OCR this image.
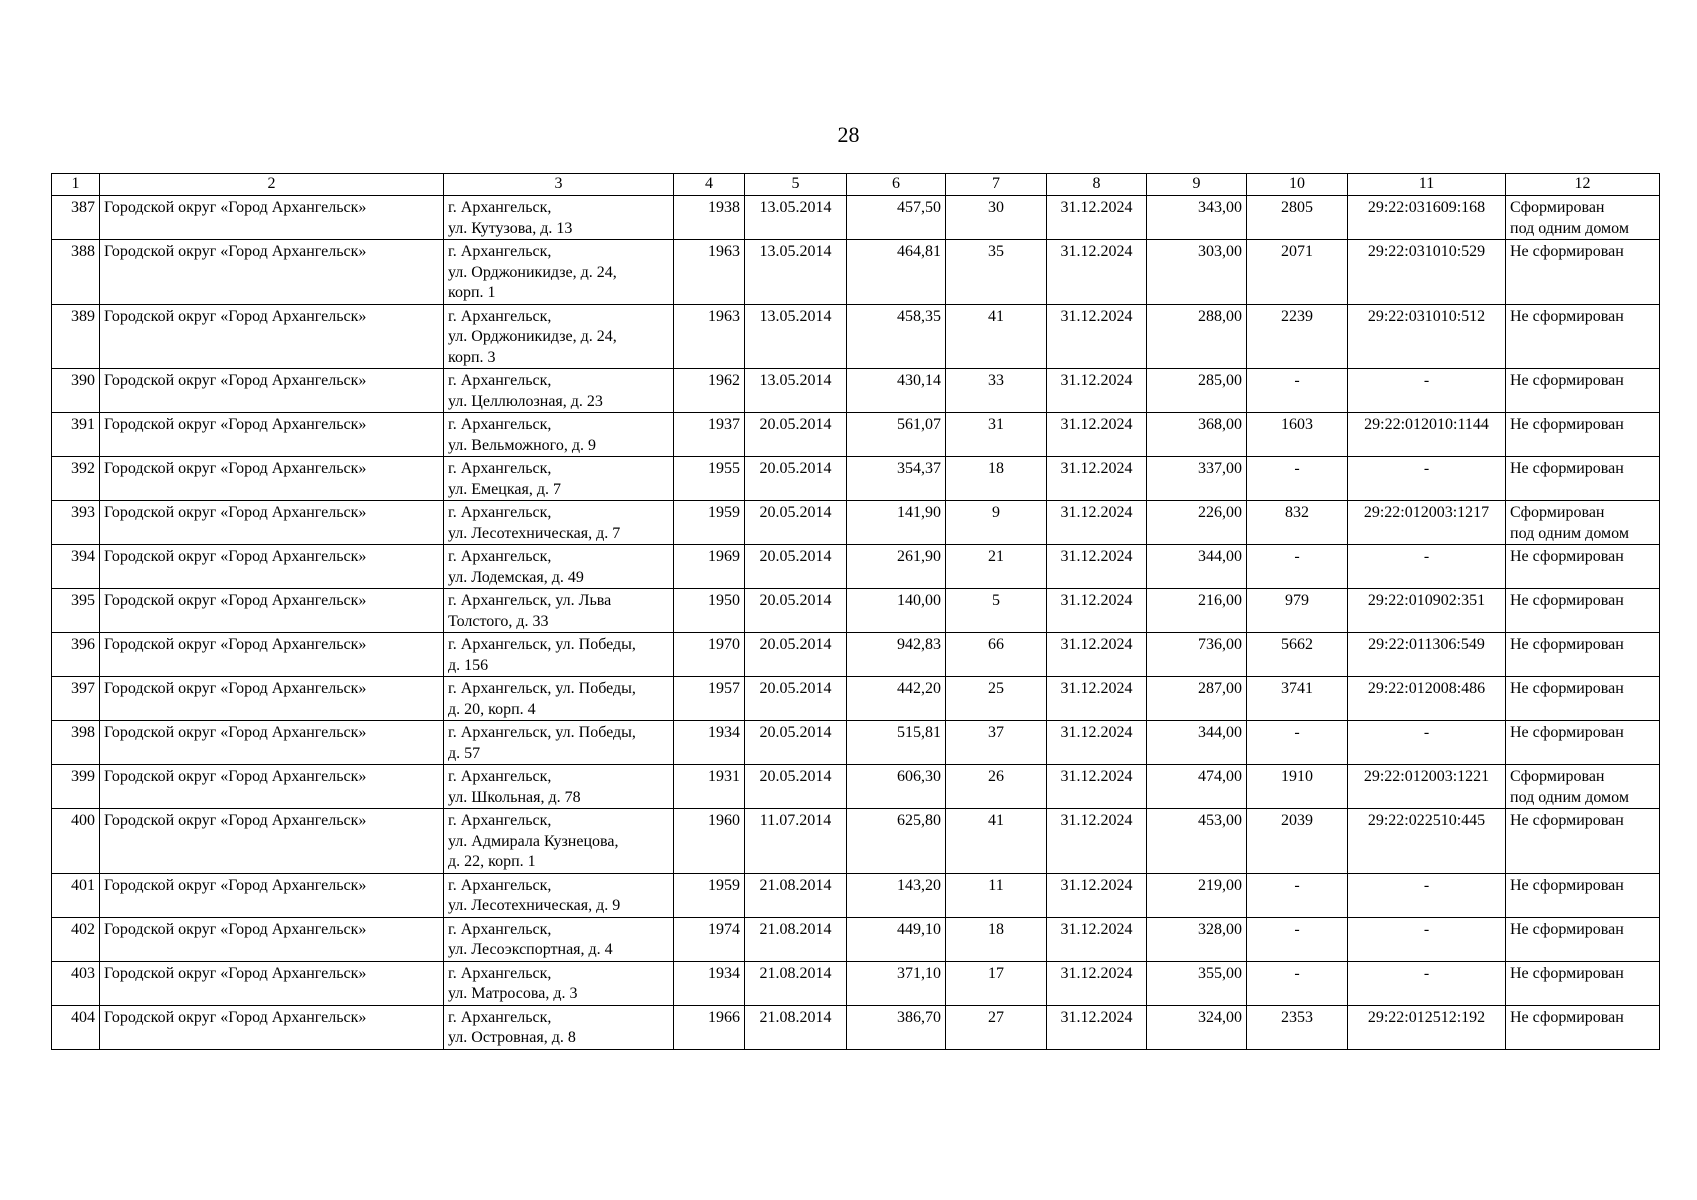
28
1	2	3	4	5	6	7	8	9	10	11	12
387	Городской округ «Город Архангельск»	г. Архангельск,
ул. Кутузова, д. 13	1938	13.05.2014	457,50	30	31.12.2024	343,00	2805	29:22:031609:168	Сформирован
под одним домом

388	Городской округ «Город Архангельск»	г. Архангельск,
ул. Орджоникидзе, д. 24,
корп. 1	1963	13.05.2014	464,81	35	31.12.2024	303,00	2071	29:22:031010:529	Не сформирован

389	Городской округ «Город Архангельск»	г. Архангельск,
ул. Орджоникидзе, д. 24,
корп. 3	1963	13.05.2014	458,35	41	31.12.2024	288,00	2239	29:22:031010:512	Не сформирован

390	Городской округ «Город Архангельск»	г. Архангельск,
ул. Целлюлозная, д. 23	1962	13.05.2014	430,14	33	31.12.2024	285,00	-	-	Не сформирован

391	Городской округ «Город Архангельск»	г. Архангельск,
ул. Вельможного, д. 9	1937	20.05.2014	561,07	31	31.12.2024	368,00	1603	29:22:012010:1144	Не сформирован

392	Городской округ «Город Архангельск»	г. Архангельск,
ул. Емецкая, д. 7	1955	20.05.2014	354,37	18	31.12.2024	337,00	-	-	Не сформирован

393	Городской округ «Город Архангельск»	г. Архангельск,
ул. Лесотехническая, д. 7	1959	20.05.2014	141,90	9	31.12.2024	226,00	832	29:22:012003:1217	Сформирован
под одним домом

394	Городской округ «Город Архангельск»	г. Архангельск,
ул. Лодемская, д. 49	1969	20.05.2014	261,90	21	31.12.2024	344,00	-	-	Не сформирован

395	Городской округ «Город Архангельск»	г. Архангельск, ул. Льва
Толстого, д. 33	1950	20.05.2014	140,00	5	31.12.2024	216,00	979	29:22:010902:351	Не сформирован

396	Городской округ «Город Архангельск»	г. Архангельск, ул. Победы,
д. 156	1970	20.05.2014	942,83	66	31.12.2024	736,00	5662	29:22:011306:549	Не сформирован

397	Городской округ «Город Архангельск»	г. Архангельск, ул. Победы,
д. 20, корп. 4	1957	20.05.2014	442,20	25	31.12.2024	287,00	3741	29:22:012008:486	Не сформирован

398	Городской округ «Город Архангельск»	г. Архангельск, ул. Победы,
д. 57	1934	20.05.2014	515,81	37	31.12.2024	344,00	-	-	Не сформирован

399	Городской округ «Город Архангельск»	г. Архангельск,
ул. Школьная, д. 78	1931	20.05.2014	606,30	26	31.12.2024	474,00	1910	29:22:012003:1221	Сформирован
под одним домом

400	Городской округ «Город Архангельск»	г. Архангельск,
ул. Адмирала Кузнецова,
д. 22, корп. 1	1960	11.07.2014	625,80	41	31.12.2024	453,00	2039	29:22:022510:445	Не сформирован

401	Городской округ «Город Архангельск»	г. Архангельск,
ул. Лесотехническая, д. 9	1959	21.08.2014	143,20	11	31.12.2024	219,00	-	-	Не сформирован

402	Городской округ «Город Архангельск»	г. Архангельск,
ул. Лесоэкспортная, д. 4	1974	21.08.2014	449,10	18	31.12.2024	328,00	-	-	Не сформирован

403	Городской округ «Город Архангельск»	г. Архангельск,
ул. Матросова, д. 3	1934	21.08.2014	371,10	17	31.12.2024	355,00	-	-	Не сформирован

404	Городской округ «Город Архангельск»	г. Архангельск,
ул. Островная, д. 8	1966	21.08.2014	386,70	27	31.12.2024	324,00	2353	29:22:012512:192	Не сформирован
